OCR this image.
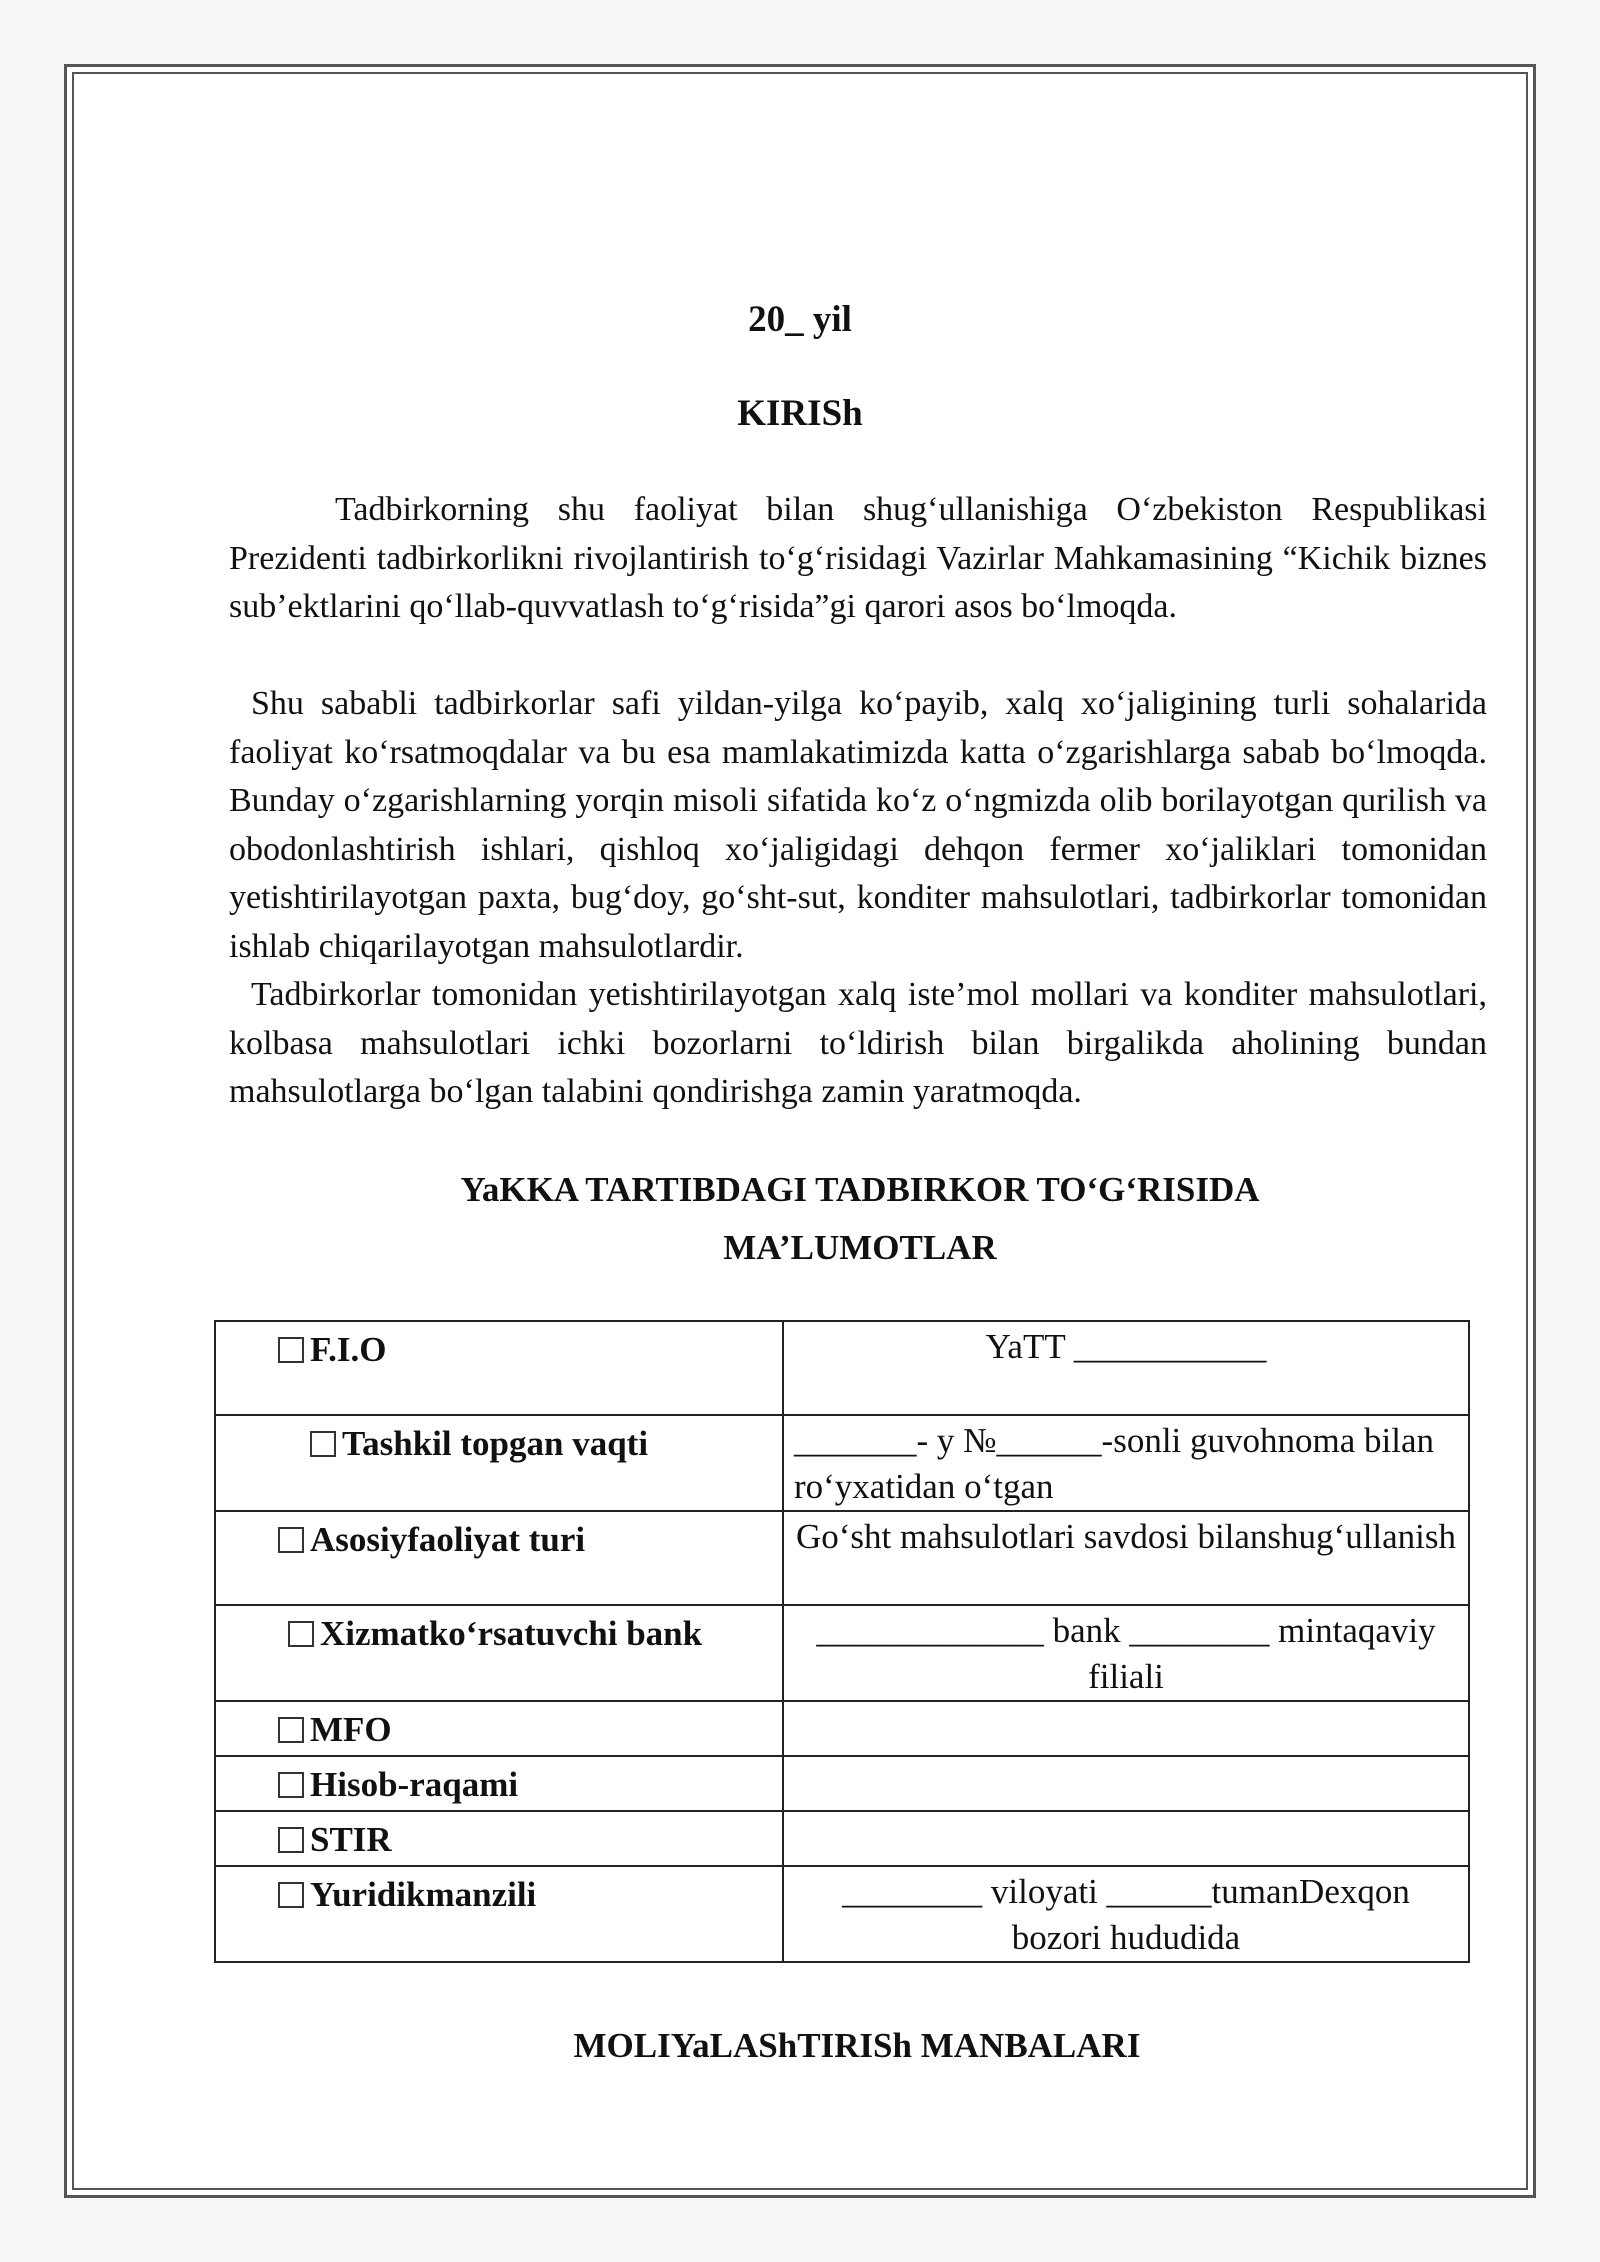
20_ yil
KIRISh

Tadbirkorning shu faoliyat bilan shug‘ullanishiga O‘zbekiston Respublikasi Prezidenti tadbirkorlikni rivojlantirish to‘g‘risidagi Vazirlar Mahkamasining “Kichik biznes sub’ektlarini qo‘llab-quvvatlash to‘g‘risida”gi qarori asos bo‘lmoqda.

Shu sababli tadbirkorlar safi yildan-yilga ko‘payib, xalq xo‘jaligining turli sohalarida faoliyat ko‘rsatmoqdalar va bu esa mamlakatimizda katta o‘zgarishlarga sabab bo‘lmoqda. Bunday o‘zgarishlarning yorqin misoli sifatida ko‘z o‘ngmizda olib borilayotgan qurilish va obodonlashtirish ishlari, qishloq xo‘jaligidagi dehqon fermer xo‘jaliklari tomonidan yetishtirilayotgan paxta, bug‘doy, go‘sht-sut, konditer mahsulotlari, tadbirkorlar tomonidan ishlab chiqarilayotgan mahsulotlardir.

Tadbirkorlar tomonidan yetishtirilayotgan xalq iste’mol mollari va konditer mahsulotlari, kolbasa mahsulotlari ichki bozorlarni to‘ldirish bilan birgalikda aholining bundan mahsulotlarga bo‘lgan talabini qondirishga zamin yaratmoqda.

YaKKA TARTIBDAGI TADBIRKOR TO‘G‘RISIDA
MA’LUMOTLAR
F.I.O	YaTT ___________

Tashkil topgan vaqti	_______- y №______-sonli guvohnoma bilan ro‘yxatidan o‘tgan

Asosiyfaoliyat turi	Go‘sht mahsulotlari savdosi bilanshug‘ullanish

Xizmatko‘rsatuvchi bank	_____________ bank ________ mintaqaviy filiali

MFO	

Hisob-raqami	

STIR	

Yuridikmanzili	________ viloyati ______tumanDexqon bozori hududida
MOLIYaLAShTIRISh MANBALARI
